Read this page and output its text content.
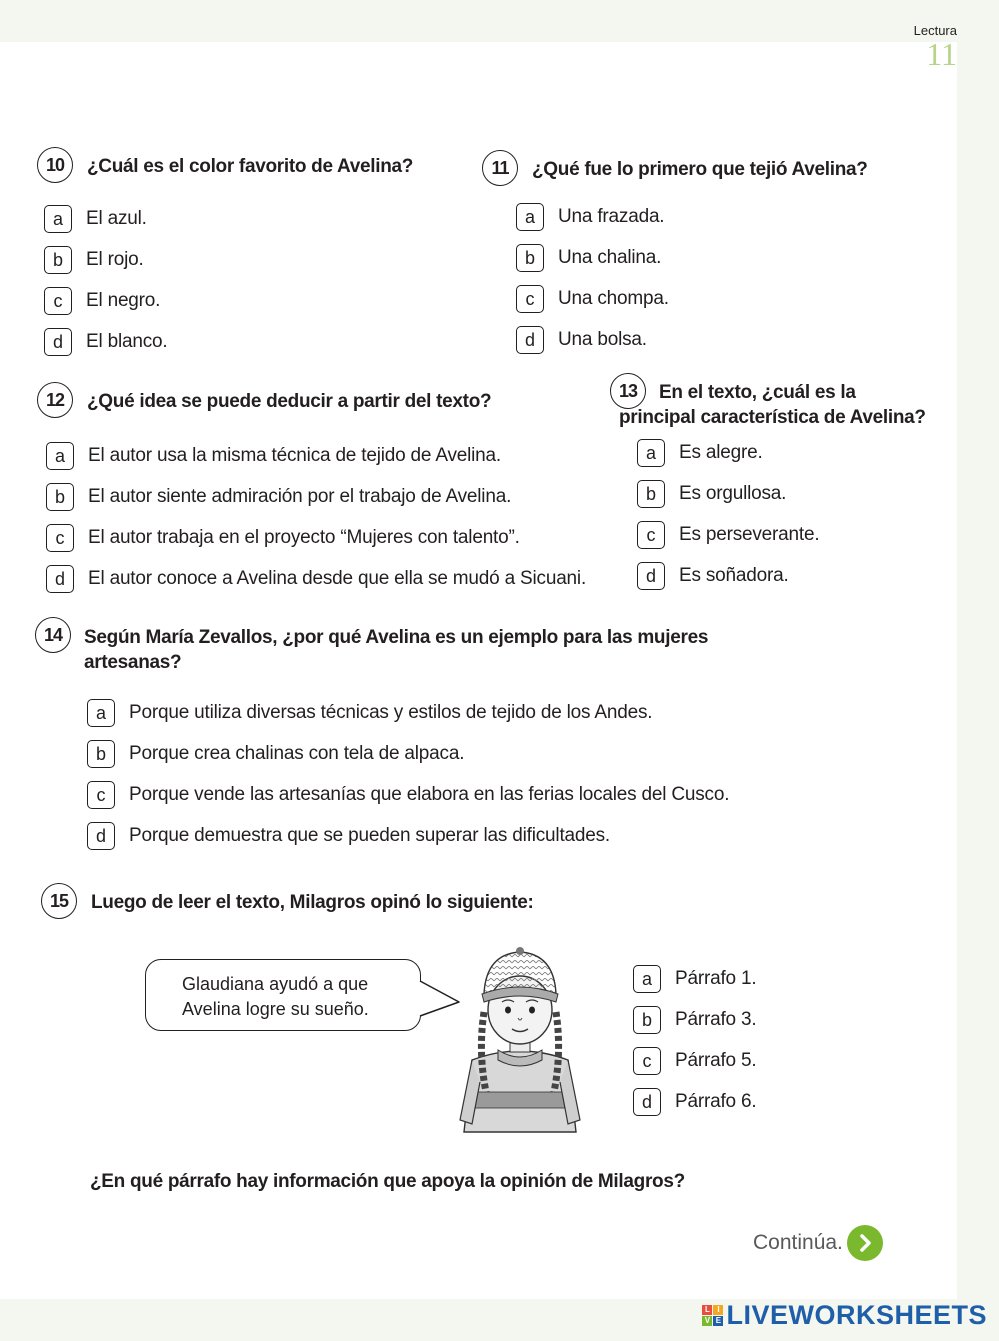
Lectura
11
10	¿Cuál es el color favorito de Avelina?
a	El azul.
b	El rojo.
c	El negro.
d	El blanco.
11	¿Qué fue lo primero que tejió Avelina?
a	Una frazada.
b	Una chalina.
c	Una chompa.
d	Una bolsa.
12	¿Qué idea se puede deducir a partir del texto?
a	El autor usa la misma técnica de tejido de Avelina.
b	El autor siente admiración por el trabajo de Avelina.
c	El autor trabaja en el proyecto “Mujeres con talento”.
d	El autor conoce a Avelina desde que ella se mudó a Sicuani.
13	En el texto, ¿cuál es la
principal característica de Avelina?
a	Es alegre.
b	Es orgullosa.
c	Es perseverante.
d	Es soñadora.
14	Según María Zevallos, ¿por qué Avelina es un ejemplo para las mujeres
artesanas?
a	Porque utiliza diversas técnicas y estilos de tejido de los Andes.
b	Porque crea chalinas con tela de alpaca.
c	Porque vende las artesanías que elabora en las ferias locales del Cusco.
d	Porque demuestra que se pueden superar las dificultades.
15	Luego de leer el texto, Milagros opinó lo siguiente:
Glaudiana ayudó a que
Avelina logre su sueño.
a	Párrafo 1.
b	Párrafo 3.
c	Párrafo 5.
d	Párrafo 6.
¿En qué párrafo hay información que apoya la opinión de Milagros?
Continúa.
L I
V E LIVEWORKSHEETS
